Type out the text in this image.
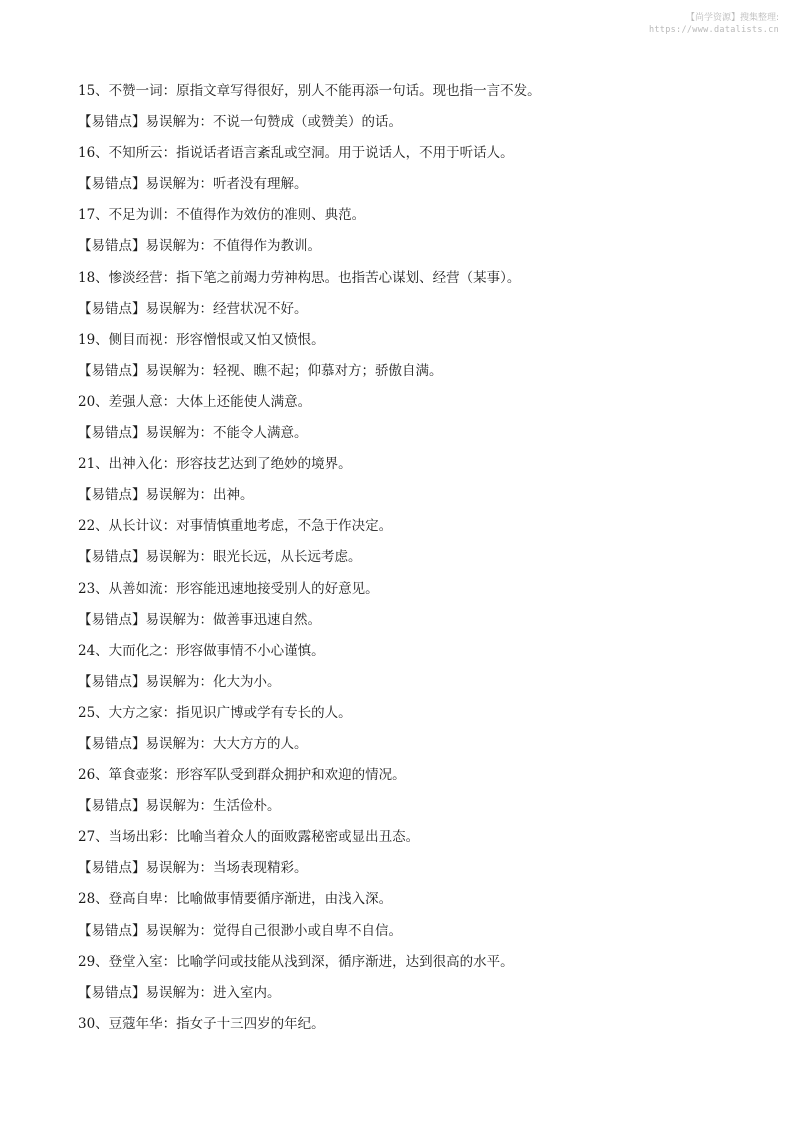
【尚学资源】搜集整理:
https://www.datalists.cn
15、不赞一词：原指文章写得很好，别人不能再添一句话。现也指一言不发。
【易错点】易误解为：不说一句赞成（或赞美）的话。
16、不知所云：指说话者语言紊乱或空洞。用于说话人，不用于听话人。
【易错点】易误解为：听者没有理解。
17、不足为训：不值得作为效仿的准则、典范。
【易错点】易误解为：不值得作为教训。
18、惨淡经营：指下笔之前竭力劳神构思。也指苦心谋划、经营（某事）。
【易错点】易误解为：经营状况不好。
19、侧目而视：形容憎恨或又怕又愤恨。
【易错点】易误解为：轻视、瞧不起；仰慕对方；骄傲自满。
20、差强人意：大体上还能使人满意。
【易错点】易误解为：不能令人满意。
21、出神入化：形容技艺达到了绝妙的境界。
【易错点】易误解为：出神。
22、从长计议：对事情慎重地考虑，不急于作决定。
【易错点】易误解为：眼光长远，从长远考虑。
23、从善如流：形容能迅速地接受别人的好意见。
【易错点】易误解为：做善事迅速自然。
24、大而化之：形容做事情不小心谨慎。
【易错点】易误解为：化大为小。
25、大方之家：指见识广博或学有专长的人。
【易错点】易误解为：大大方方的人。
26、箪食壶浆：形容军队受到群众拥护和欢迎的情况。
【易错点】易误解为：生活俭朴。
27、当场出彩：比喻当着众人的面败露秘密或显出丑态。
【易错点】易误解为：当场表现精彩。
28、登高自卑：比喻做事情要循序渐进，由浅入深。
【易错点】易误解为：觉得自己很渺小或自卑不自信。
29、登堂入室：比喻学问或技能从浅到深，循序渐进，达到很高的水平。
【易错点】易误解为：进入室内。
30、豆蔻年华：指女子十三四岁的年纪。
